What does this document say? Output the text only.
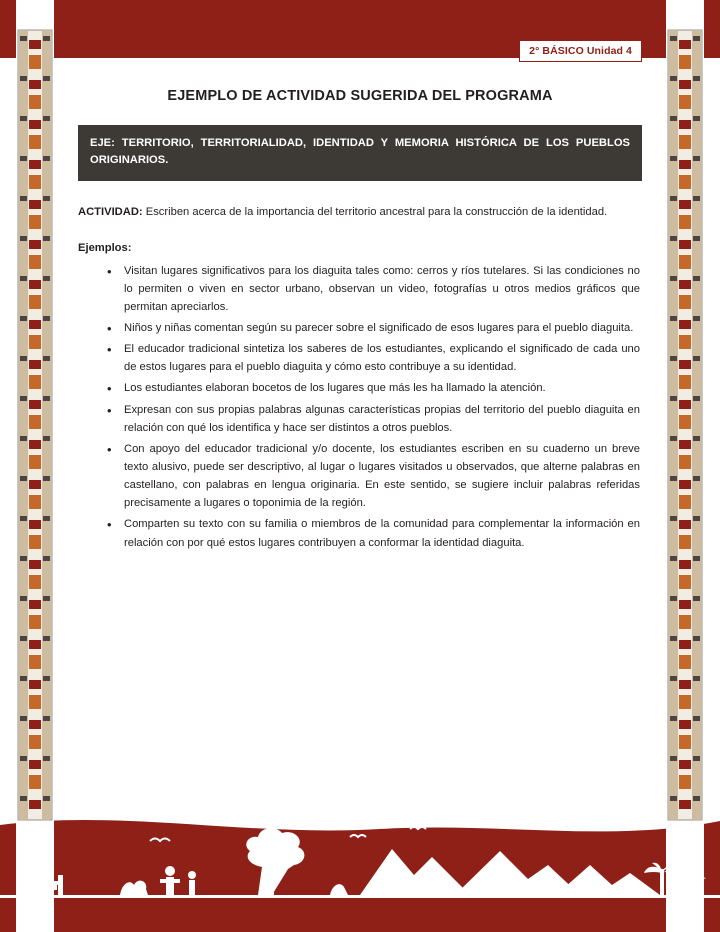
2° BÁSICO Unidad 4
EJEMPLO DE ACTIVIDAD SUGERIDA DEL PROGRAMA
EJE: TERRITORIO, TERRITORIALIDAD, IDENTIDAD Y MEMORIA HISTÓRICA DE LOS PUEBLOS ORIGINARIOS.

ACTIVIDAD: Escriben acerca de la importancia del territorio ancestral para la construcción de la identidad.

Ejemplos:
• Visitan lugares significativos para los diaguita tales como: cerros y ríos tutelares. Si las condiciones no lo permiten o viven en sector urbano, observan un video, fotografías u otros medios gráficos que permitan apreciarlos.
• Niños y niñas comentan según su parecer sobre el significado de esos lugares para el pueblo diaguita.
• El educador tradicional sintetiza los saberes de los estudiantes, explicando el significado de cada uno de estos lugares para el pueblo diaguita y cómo esto contribuye a su identidad.
• Los estudiantes elaboran bocetos de los lugares que más les ha llamado la atención.
• Expresan con sus propias palabras algunas características propias del territorio del pueblo diaguita en relación con qué los identifica y hace ser distintos a otros pueblos.
• Con apoyo del educador tradicional y/o docente, los estudiantes escriben en su cuaderno un breve texto alusivo, puede ser descriptivo, al lugar o lugares visitados u observados, que alterne palabras en castellano, con palabras en lengua originaria. En este sentido, se sugiere incluir palabras referidas precisamente a lugares o toponimia de la región.
• Comparten su texto con su familia o miembros de la comunidad para complementar la información en relación con por qué estos lugares contribuyen a conformar la identidad diaguita.
